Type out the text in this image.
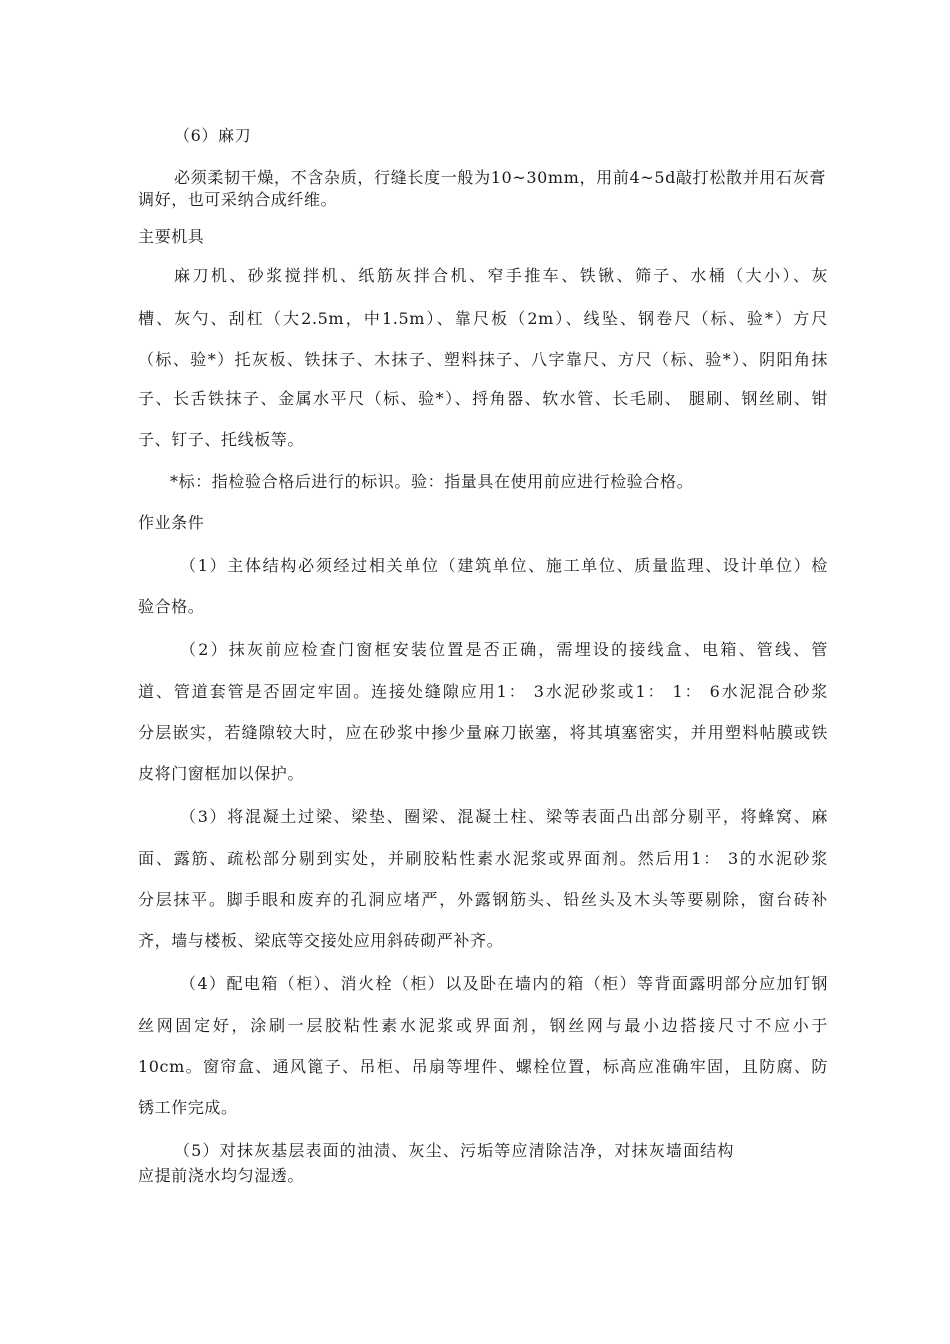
（6）麻刀
必须柔韧干燥，不含杂质，行缝长度一般为10~30mm，用前4~5d敲打松散并用石灰膏
调好，也可采纳合成纤维。
主要机具
麻刀机、砂浆搅拌机、纸筋灰拌合机、窄手推车、铁锹、筛子、水桶（大小）、灰
槽、灰勺、刮杠（大2.5m，中1.5m）、靠尺板（2m）、线坠、钢卷尺（标、验*）方尺
（标、验*）托灰板、铁抹子、木抹子、塑料抹子、八字靠尺、方尺（标、验*）、阴阳角抹
子、长舌铁抹子、金属水平尺（标、验*）、捋角器、软水管、长毛刷、 腿刷、钢丝刷、钳
子、钉子、托线板等。
*标：指检验合格后进行的标识。验：指量具在使用前应进行检验合格。
作业条件
（1）主体结构必须经过相关单位（建筑单位、施工单位、质量监理、设计单位）检
验合格。
（2）抹灰前应检查门窗框安装位置是否正确，需埋设的接线盒、电箱、管线、管
道、管道套管是否固定牢固。连接处缝隙应用1： 3水泥砂浆或1： 1： 6水泥混合砂浆
分层嵌实，若缝隙较大时，应在砂浆中掺少量麻刀嵌塞，将其填塞密实，并用塑料帖膜或铁
皮将门窗框加以保护。
（3）将混凝土过梁、梁垫、圈梁、混凝土柱、梁等表面凸出部分剔平，将蜂窝、麻
面、露筋、疏松部分剔到实处，并刷胶粘性素水泥浆或界面剂。然后用1： 3的水泥砂浆
分层抹平。脚手眼和废弃的孔洞应堵严，外露钢筋头、铅丝头及木头等要剔除，窗台砖补
齐，墙与楼板、梁底等交接处应用斜砖砌严补齐。
（4）配电箱（柜）、消火栓（柜）以及卧在墙内的箱（柜）等背面露明部分应加钉钢
丝网固定好，涂刷一层胶粘性素水泥浆或界面剂，钢丝网与最小边搭接尺寸不应小于
10cm。窗帘盒、通风篦子、吊柜、吊扇等埋件、螺栓位置，标高应准确牢固，且防腐、防
锈工作完成。
（5）对抹灰基层表面的油渍、灰尘、污垢等应清除洁净，对抹灰墙面结构
应提前浇水均匀湿透。
